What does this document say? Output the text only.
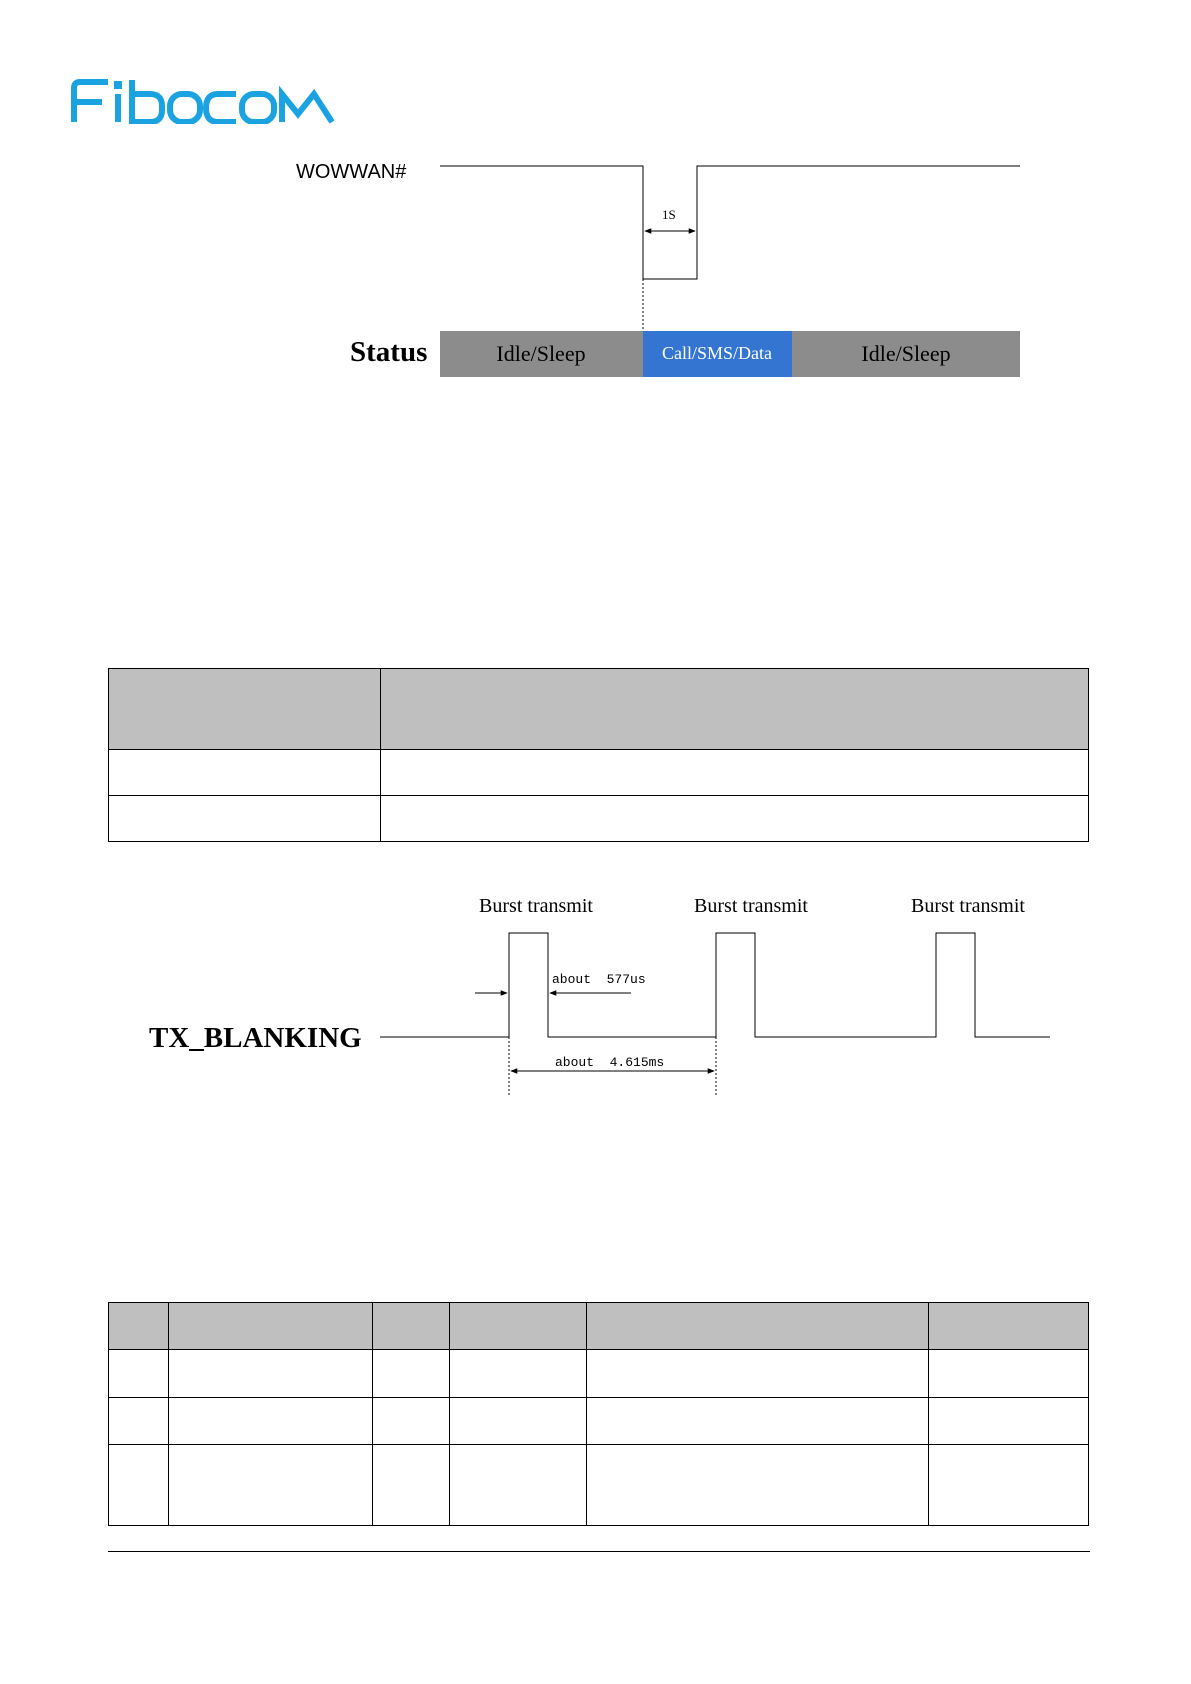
FIBOCOM
WOWWAN#
1S
Status	Idle/Sleep	Call/SMS/Data	Idle/Sleep
Burst transmit	Burst transmit	Burst transmit
TX_BLANKING
about  577us
about  4.615ms
